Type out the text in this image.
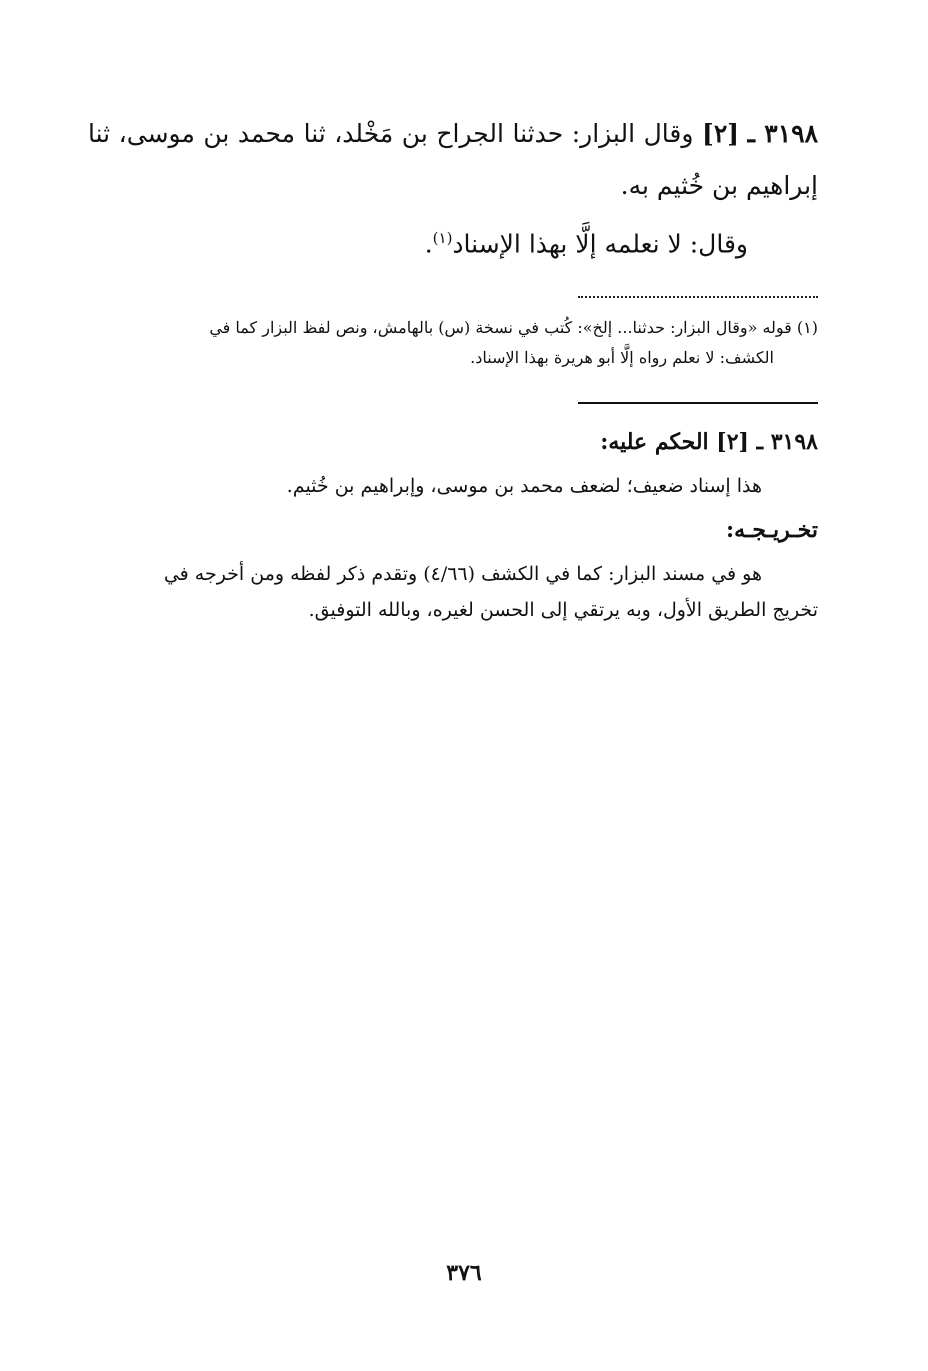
٣١٩٨ ـ [٢] وقال البزار: حدثنا الجراح بن مَخْلد، ثنا محمد بن موسى، ثنا إبراهيم بن خُثيم به.

وقال: لا نعلمه إلَّا بهذا الإسناد$^{(١)}$.

(١) قوله «وقال البزار: حدثنا... إلخ»: كُتب في نسخة (س) بالهامش، ونص لفظ البزار كما في

الكشف: لا نعلم رواه إلَّا أبو هريرة بهذا الإسناد.

٣١٩٨ ـ [٢] الحكم عليه:
هذا إسناد ضعيف؛ لضعف محمد بن موسى، وإبراهيم بن خُثيم.
تخـريـجـه:

هو في مسند البزار: كما في الكشف (٤/٦٦) وتقدم ذكر لفظه ومن أخرجه في

تخريج الطريق الأول، وبه يرتقي إلى الحسن لغيره، وبالله التوفيق.

٣٧٦
